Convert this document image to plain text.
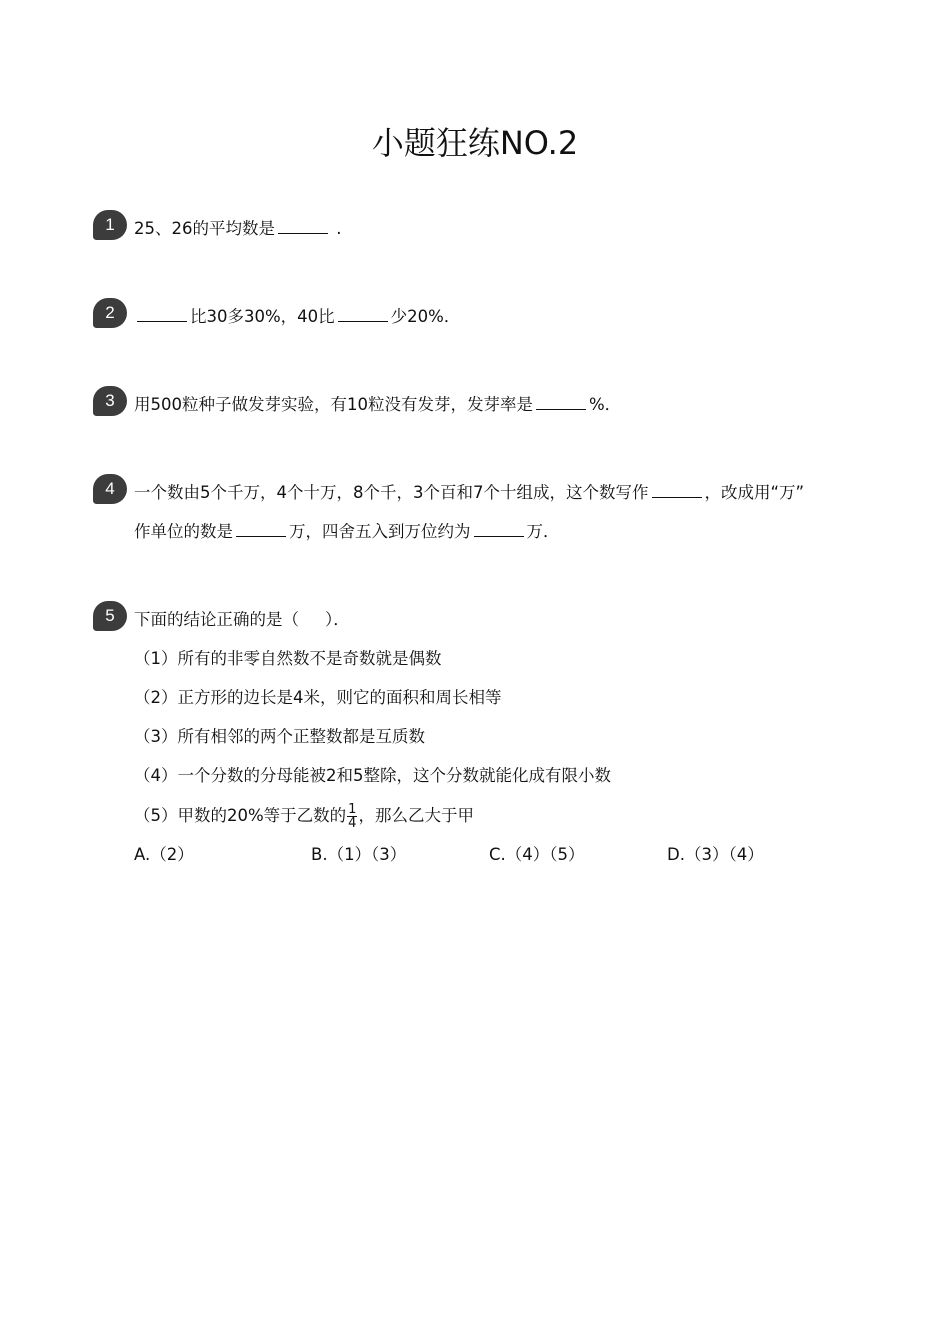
小题狂练NO.2
1	25、26的平均数是	.
2	比30多30%，40比	少20%．
3	用500粒种子做发芽实验，有10粒没有发芽，发芽率是	%．
4	一个数由5个千万，4个十万，8个千，3个百和7个十组成，这个数写作	，改成用“万”
作单位的数是	万，四舍五入到万位约为	万．
5	下面的结论正确的是（ ）．
（1）所有的非零自然数不是奇数就是偶数
（2）正方形的边长是4米，则它的面积和周长相等
（3）所有相邻的两个正整数都是互质数
（4）一个分数的分母能被2和5整除，这个分数就能化成有限小数
（5）甲数的20%等于乙数的 $\frac{1}{4}$ ，那么乙大于甲
A.（2）	B.（1）（3）	C.（4）（5）	D.（3）（4）
